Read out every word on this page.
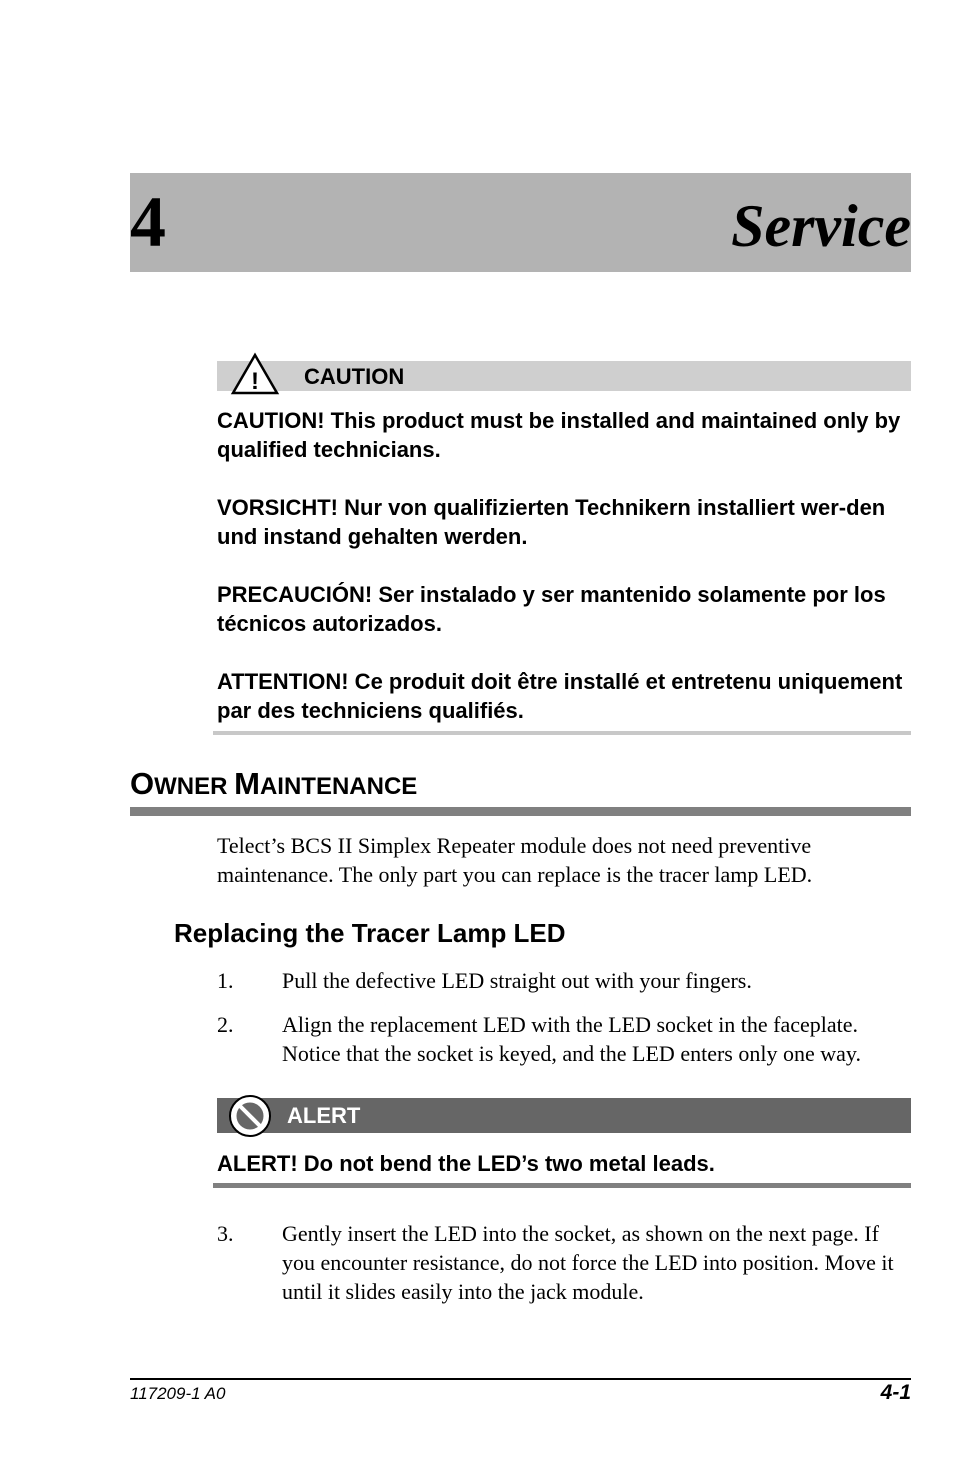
4	Service
! CAUTION

CAUTION! This product must be installed and maintained only by qualified technicians.

VORSICHT! Nur von qualifizierten Technikern installiert wer-den und instand gehalten werden.

PRECAUCIÓN! Ser instalado y ser mantenido solamente por los técnicos autorizados.

ATTENTION! Ce produit doit être installé et entretenu uniquement par des techniciens qualifiés.

OWNER MAINTENANCE

Telect’s BCS II Simplex Repeater module does not need preventive maintenance. The only part you can replace is the tracer lamp LED.

Replacing the Tracer Lamp LED
1. Pull the defective LED straight out with your fingers.

2. Align the replacement LED with the LED socket in the faceplate. Notice that the socket is keyed, and the LED enters only one way.

ALERT

ALERT! Do not bend the LED’s two metal leads.

3. Gently insert the LED into the socket, as shown on the next page. If you encounter resistance, do not force the LED into position. Move it until it slides easily into the jack module.

117209-1 A0	4-1
